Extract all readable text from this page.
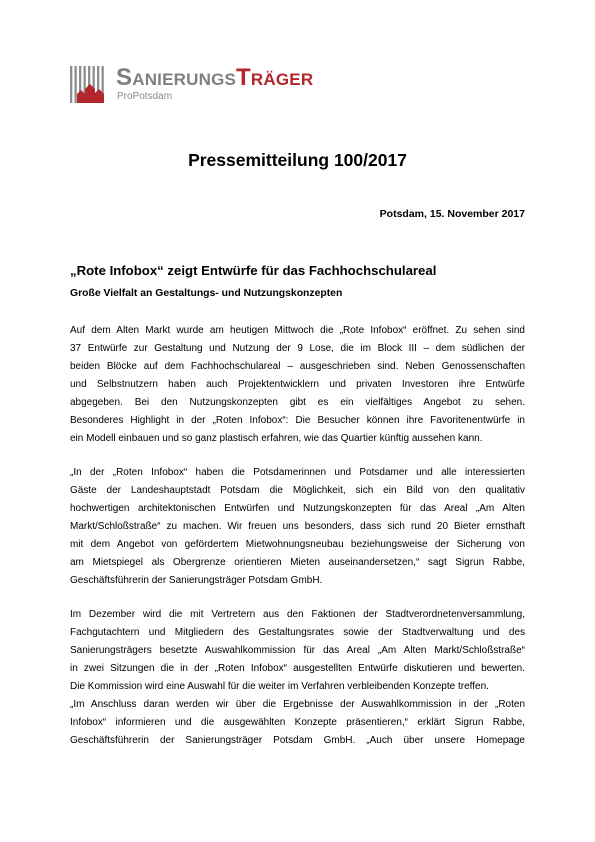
SANIERUNGSTRÄGER
ProPotsdam
Pressemitteilung 100/2017
Potsdam, 15. November 2017
„Rote Infobox“ zeigt Entwürfe für das Fachhochschulareal
Große Vielfalt an Gestaltungs- und Nutzungskonzepten

Auf dem Alten Markt wurde am heutigen Mittwoch die „Rote Infobox“ eröffnet. Zu sehen sind
37 Entwürfe zur Gestaltung und Nutzung der 9 Lose, die im Block III – dem südlichen der
beiden Blöcke auf dem Fachhochschulareal – ausgeschrieben sind. Neben Genossenschaften
und Selbstnutzern haben auch Projektentwicklern und privaten Investoren ihre Entwürfe
abgegeben. Bei den Nutzungskonzepten gibt es ein vielfältiges Angebot zu sehen.
Besonderes Highlight in der „Roten Infobox“: Die Besucher können ihre Favoritenentwürfe in
ein Modell einbauen und so ganz plastisch erfahren, wie das Quartier künftig aussehen kann.

„In der „Roten Infobox“ haben die Potsdamerinnen und Potsdamer und alle interessierten
Gäste der Landeshauptstadt Potsdam die Möglichkeit, sich ein Bild von den qualitativ
hochwertigen architektonischen Entwürfen und Nutzungskonzepten für das Areal „Am Alten
Markt/Schloßstraße“ zu machen. Wir freuen uns besonders, dass sich rund 20 Bieter ernsthaft
mit dem Angebot von gefördertem Mietwohnungsneubau beziehungsweise der Sicherung von
am Mietspiegel als Obergrenze orientieren Mieten auseinandersetzen,“ sagt Sigrun Rabbe,
Geschäftsführerin der Sanierungsträger Potsdam GmbH.

Im Dezember wird die mit Vertretern aus den Faktionen der Stadtverordnetenversammlung,
Fachgutachtern und Mitgliedern des Gestaltungsrates sowie der Stadtverwaltung und des
Sanierungsträgers besetzte Auswahlkommission für das Areal „Am Alten Markt/Schloßstraße“
in zwei Sitzungen die in der „Roten Infobox“ ausgestellten Entwürfe diskutieren und bewerten.
Die Kommission wird eine Auswahl für die weiter im Verfahren verbleibenden Konzepte treffen.
„Im Anschluss daran werden wir über die Ergebnisse der Auswahlkommission in der „Roten
Infobox“ informieren und die ausgewählten Konzepte präsentieren,“ erklärt Sigrun Rabbe,
Geschäftsführerin der Sanierungsträger Potsdam GmbH. „Auch über unsere Homepage
